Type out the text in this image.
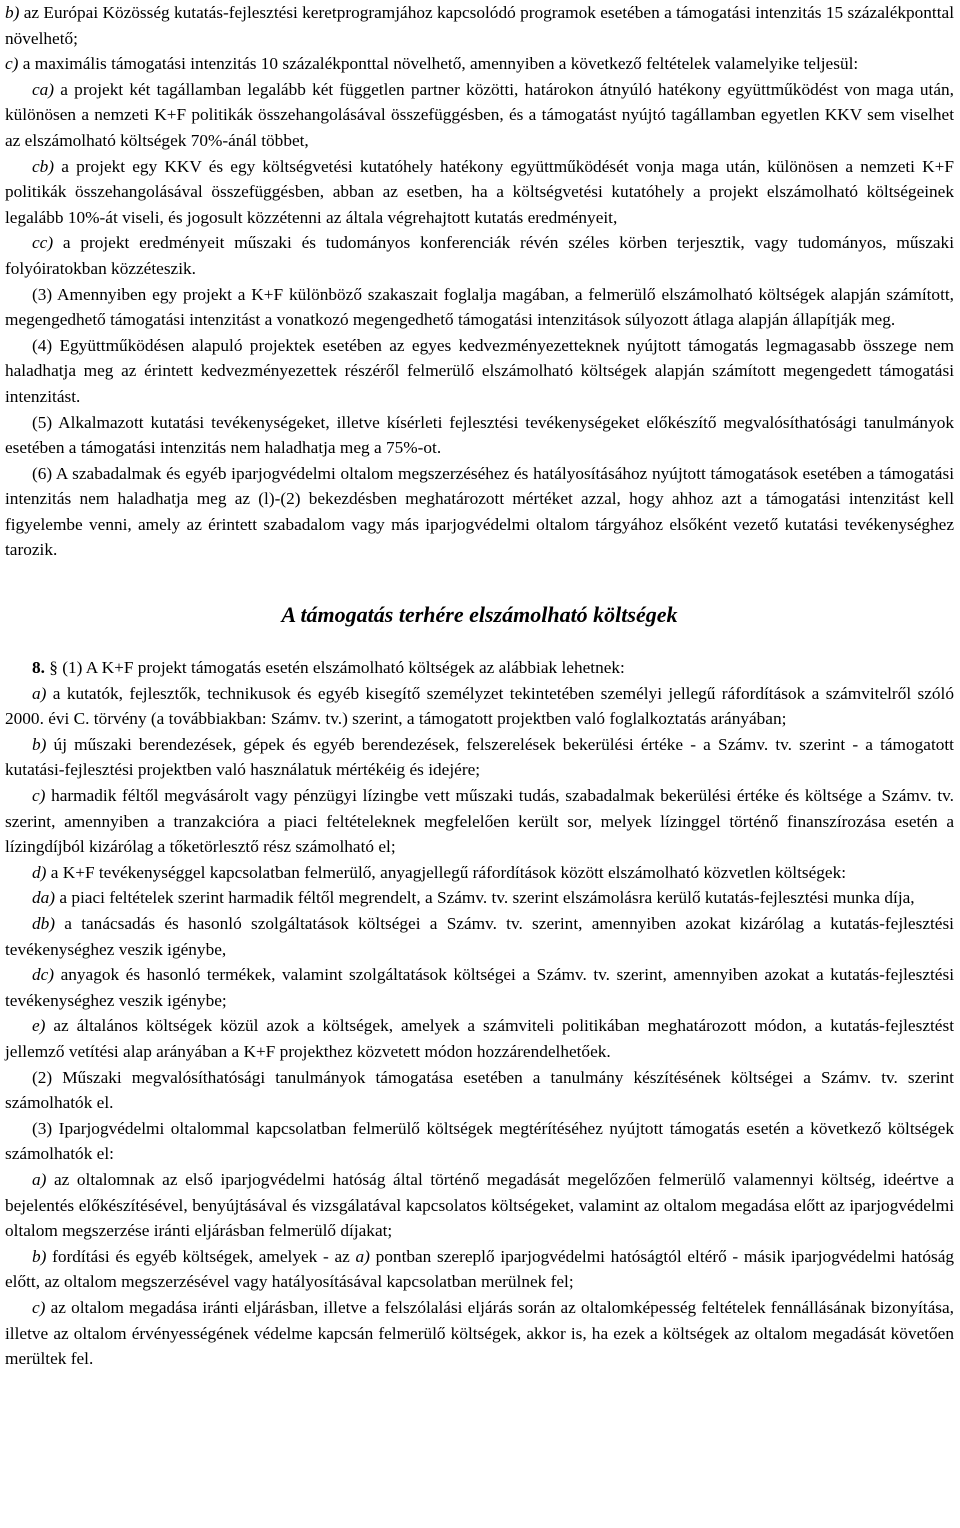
b) az Európai Közösség kutatás-fejlesztési keretprogramjához kapcsolódó programok esetében a támogatási intenzitás 15 százalékponttal növelhető;

c) a maximális támogatási intenzitás 10 százalékponttal növelhető, amennyiben a következő feltételek valamelyike teljesül:

ca) a projekt két tagállamban legalább két független partner közötti, határokon átnyúló hatékony együttműködést von maga után, különösen a nemzeti K+F politikák összehangolásával összefüggésben, és a támogatást nyújtó tagállamban egyetlen KKV sem viselhet az elszámolható költségek 70%-ánál többet,

cb) a projekt egy KKV és egy költségvetési kutatóhely hatékony együttműködését vonja maga után, különösen a nemzeti K+F politikák összehangolásával összefüggésben, abban az esetben, ha a költségvetési kutatóhely a projekt elszámolható költségeinek legalább 10%-át viseli, és jogosult közzétenni az általa végrehajtott kutatás eredményeit,

cc) a projekt eredményeit műszaki és tudományos konferenciák révén széles körben terjesztik, vagy tudományos, műszaki folyóiratokban közzéteszik.

(3) Amennyiben egy projekt a K+F különböző szakaszait foglalja magában, a felmerülő elszámolható költségek alapján számított, megengedhető támogatási intenzitást a vonatkozó megengedhető támogatási intenzitások súlyozott átlaga alapján állapítják meg.

(4) Együttműködésen alapuló projektek esetében az egyes kedvezményezetteknek nyújtott támogatás legmagasabb összege nem haladhatja meg az érintett kedvezményezettek részéről felmerülő elszámolható költségek alapján számított megengedett támogatási intenzitást.

(5) Alkalmazott kutatási tevékenységeket, illetve kísérleti fejlesztési tevékenységeket előkészítő megvalósíthatósági tanulmányok esetében a támogatási intenzitás nem haladhatja meg a 75%-ot.

(6) A szabadalmak és egyéb iparjogvédelmi oltalom megszerzéséhez és hatályosításához nyújtott támogatások esetében a támogatási intenzitás nem haladhatja meg az (l)-(2) bekezdésben meghatározott mértéket azzal, hogy ahhoz azt a támogatási intenzitást kell figyelembe venni, amely az érintett szabadalom vagy más iparjogvédelmi oltalom tárgyához elsőként vezető kutatási tevékenységhez tarozik.

A támogatás terhére elszámolható költségek

8. § (1) A K+F projekt támogatás esetén elszámolható költségek az alábbiak lehetnek:

a) a kutatók, fejlesztők, technikusok és egyéb kisegítő személyzet tekintetében személyi jellegű ráfordítások a számvitelről szóló 2000. évi C. törvény (a továbbiakban: Számv. tv.) szerint, a támogatott projektben való foglalkoztatás arányában;

b) új műszaki berendezések, gépek és egyéb berendezések, felszerelések bekerülési értéke - a Számv. tv. szerint - a támogatott kutatási-fejlesztési projektben való használatuk mértékéig és idejére;

c) harmadik féltől megvásárolt vagy pénzügyi lízingbe vett műszaki tudás, szabadalmak bekerülési értéke és költsége a Számv. tv. szerint, amennyiben a tranzakcióra a piaci feltételeknek megfelelően került sor, melyek lízinggel történő finanszírozása esetén a lízingdíjból kizárólag a tőketörlesztő rész számolható el;

d) a K+F tevékenységgel kapcsolatban felmerülő, anyagjellegű ráfordítások között elszámolható közvetlen költségek:

da) a piaci feltételek szerint harmadik féltől megrendelt, a Számv. tv. szerint elszámolásra kerülő kutatás-fejlesztési munka díja,

db) a tanácsadás és hasonló szolgáltatások költségei a Számv. tv. szerint, amennyiben azokat kizárólag a kutatás-fejlesztési tevékenységhez veszik igénybe,

dc) anyagok és hasonló termékek, valamint szolgáltatások költségei a Számv. tv. szerint, amennyiben azokat a kutatás-fejlesztési tevékenységhez veszik igénybe;

e) az általános költségek közül azok a költségek, amelyek a számviteli politikában meghatározott módon, a kutatás-fejlesztést jellemző vetítési alap arányában a K+F projekthez közvetett módon hozzárendelhetőek.

(2) Műszaki megvalósíthatósági tanulmányok támogatása esetében a tanulmány készítésének költségei a Számv. tv. szerint számolhatók el.

(3) Iparjogvédelmi oltalommal kapcsolatban felmerülő költségek megtérítéséhez nyújtott támogatás esetén a következő költségek számolhatók el:

a) az oltalomnak az első iparjogvédelmi hatóság által történő megadását megelőzően felmerülő valamennyi költség, ideértve a bejelentés előkészítésével, benyújtásával és vizsgálatával kapcsolatos költségeket, valamint az oltalom megadása előtt az iparjogvédelmi oltalom megszerzése iránti eljárásban felmerülő díjakat;

b) fordítási és egyéb költségek, amelyek - az a) pontban szereplő iparjogvédelmi hatóságtól eltérő - másik iparjogvédelmi hatóság előtt, az oltalom megszerzésével vagy hatályosításával kapcsolatban merülnek fel;

c) az oltalom megadása iránti eljárásban, illetve a felszólalási eljárás során az oltalomképesség feltételek fennállásának bizonyítása, illetve az oltalom érvényességének védelme kapcsán felmerülő költségek, akkor is, ha ezek a költségek az oltalom megadását követően merültek fel.
